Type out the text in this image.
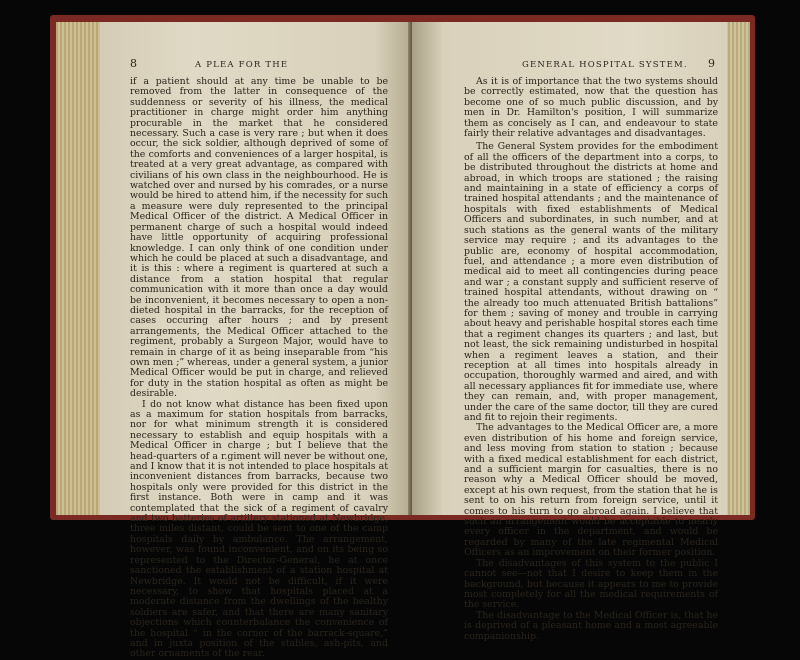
8	A PLEA FOR THE

if a patient should at any time be unable to be removed from the latter in consequence of the suddenness or severity of his illness, the medical practitioner in charge might order him anything procurable in the market that he considered necessary. Such a case is very rare ; but when it does occur, the sick soldier, although deprived of some of the comforts and conveniences of a larger hospital, is treated at a very great advantage, as compared with civilians of his own class in the neighbourhood. He is watched over and nursed by his comrades, or a nurse would be hired to attend him, if the necessity for such a measure were duly represented to the principal Medical Officer of the district. A Medical Officer in permanent charge of such a hospital would indeed have little opportunity of acquiring professional knowledge. I can only think of one condition under which he could be placed at such a disadvantage, and it is this : where a regiment is quartered at such a distance from a station hospital that regular communication with it more than once a day would be inconvenient, it becomes necessary to open a non-dieted hospital in the barracks, for the reception of cases occuring after hours ; and by present arrangements, the Medical Officer attached to the regiment, probably a Surgeon Major, would have to remain in charge of it as being inseparable from “his own men ;” whereas, under a general system, a junior Medical Officer would be put in charge, and relieved for duty in the station hospital as often as might be desirable.

I do not know what distance has been fixed upon as a maximum for station hospitals from barracks, nor for what minimum strength it is considered necessary to establish and equip hospitals with a Medical Officer in charge ; but I believe that the head-quarters of a r.giment will never be without one, and I know that it is not intended to place hospitals at inconvenient distances from barracks, because two hospitals only were provided for this district in the first instance. Both were in camp and it was contemplated that the sick of a regiment of cavalry and two batteries of artillery stationed at Newbridge, three miles distant, could be sent to one of the camp hospitals daily by ambulance. The arrangement, however, was found inconvenient, and on its being so represented to the Director-General, he at once sanctioned the establishment of a station hospital at Newbridge. It would not be difficult, if it were necessary, to show that hospitals placed at a moderate distance from the dwellings of the healthy soldiers are safer, and that there are many sanitary objections which counterbalance the convenience of the hospital “ in the corner of the barrack-square,” and in juxta position of the stables, ash-pits, and other ornaments of the rear.

GENERAL HOSPITAL SYSTEM. 9

As it is of importance that the two systems should be correctly estimated, now that the question has become one of so much public discussion, and by men in Dr. Hamilton's position, I will summarize them as concisely as I can, and endeavour to state fairly their relative advantages and disadvantages.

The General System provides for the embodiment of all the officers of the department into a corps, to be distributed throughout the districts at home and abroad, in which troops are stationed ; the raising and maintaining in a state of efficiency a corps of trained hospital attendants ; and the maintenance of hospitals with fixed establishments of Medical Officers and subordinates, in such number, and at such stations as the general wants of the military service may require ; and its advantages to the public are, economy of hospital accommodation, fuel, and attendance ; a more even distribution of medical aid to meet all contingencies during peace and war ; a constant supply and sufficient reserve of trained hospital attendants, without drawing on “ the already too much attenuated British battalions” for them ; saving of money and trouble in carrying about heavy and perishable hospital stores each time that a regiment changes its quarters ; and last, but not least, the sick remaining undisturbed in hospital when a regiment leaves a station, and their reception at all times into hospitals already in occupation, thoroughly warmed and aired, and with all necessary appliances fit for immediate use, where they can remain, and, with proper management, under the care of the same doctor, till they are cured and fit to rejoin their regiments.

The advantages to the Medical Officer are, a more even distribution of his home and foreign service, and less moving from station to station ; because with a fixed medical establishment for each district, and a sufficient margin for casualties, there is no reason why a Medical Officer should be moved, except at his own request, from the station that he is sent to on his return from foreign service, until it comes to his turn to go abroad again. I believe that such an arrangement would be acceptable to nearly every officer in the department, and would be regarded by many of the late regimental Medical Officers as an improvement on their former position.

The disadvantages of this system to the public I cannot see—not that I desire to keep them in the background, but because it appears to me to provide most completely for all the medical requirements of the service.

The disadvantage to the Medical Officer is, that he is deprived of a pleasant home and a most agreeable companionship.
